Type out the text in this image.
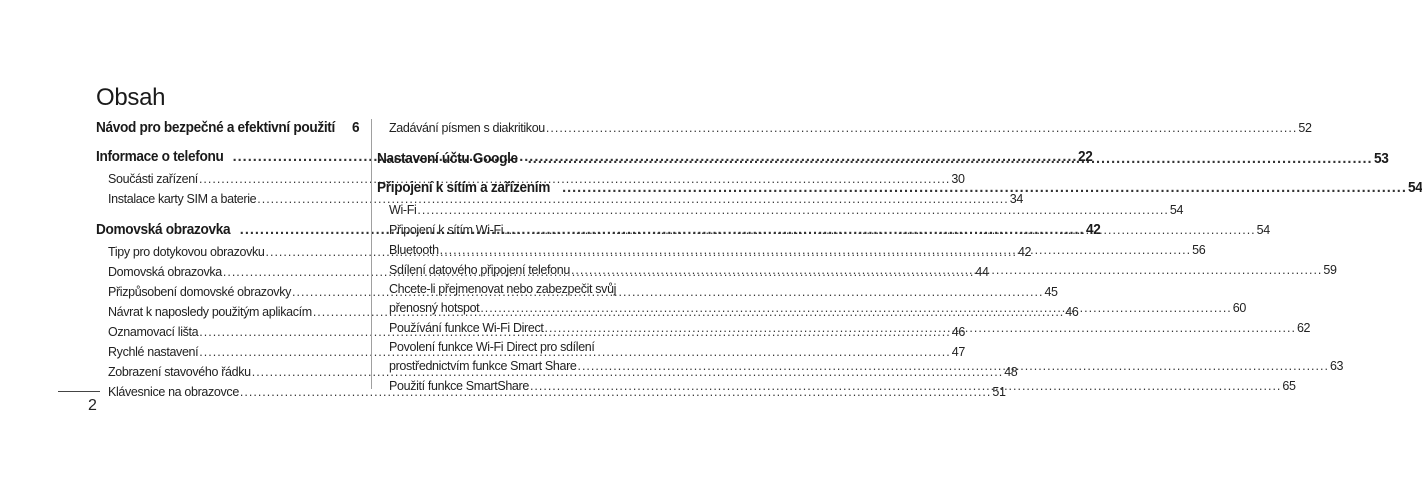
Obsah
Návod pro bezpečné a efektivní použití 6
Informace o telefonu .....	22
Součásti zařízení .....	30
Instalace karty SIM a baterie .....	34
Domovská obrazovka .....	42
Tipy pro dotykovou obrazovku .....	42
Domovská obrazovka .....	44
Přizpůsobení domovské obrazovky .....	45
Návrat k naposledy použitým aplikacím .....	46
Oznamovací lišta .....	46
Rychlé nastavení .....	47
Zobrazení stavového řádku .....	48
Klávesnice na obrazovce .....	51
Zadávání písmen s diakritikou .....	52
Nastavení účtu Google .....	53
Připojení k sítím a zařízením .....	54
Wi-Fi .....	54
Připojení k sítím Wi-Fi .....	54
Bluetooth .....	56
Sdílení datového připojení telefonu .....	59
Chcete-li přejmenovat nebo zabezpečit svůj
přenosný hotspot .....	60
Používání funkce Wi-Fi Direct .....	62
Povolení funkce Wi-Fi Direct pro sdílení
prostřednictvím funkce Smart Share .....	63
Použití funkce SmartShare .....	65
2
